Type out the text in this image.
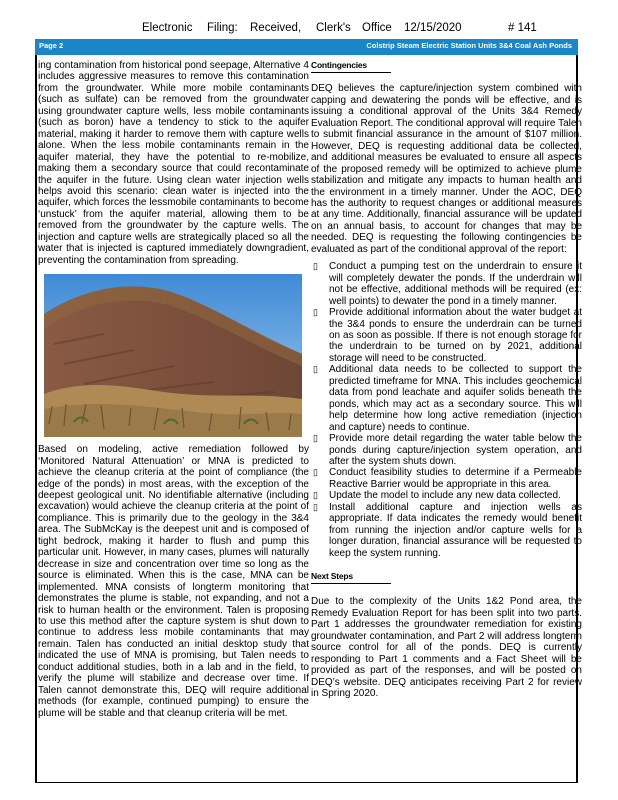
Electronic Filing: Received, Clerk's Office 12/15/2020	# 141
Page 2	Colstrip Steam Electric Station Units 3&4 Coal Ash Ponds

ing contamination from historical pond seepage, Alternative 4 includes aggressive measures to remove this contamination from the groundwater. While more mobile contaminants (such as sulfate) can be removed from the groundwater using groundwater capture wells, less mobile contaminants (such as boron) have a tendency to stick to the aquifer material, making it harder to remove them with capture wells alone. When the less mobile contaminants remain in the aquifer material, they have the potential to re-mobilize, making them a secondary source that could recontaminate the aquifer in the future. Using clean water injection wells helps avoid this scenario: clean water is injected into the aquifer, which forces the lessmobile contaminants to become ‘unstuck’ from the aquifer material, allowing them to be removed from the groundwater by the capture wells. The injection and capture wells are strategically placed so all the water that is injected is captured immediately downgradient, preventing the contamination from spreading.

Based on modeling, active remediation followed by ‘Monitored Natural Attenuation’ or MNA is predicted to achieve the cleanup criteria at the point of compliance (the edge of the ponds) in most areas, with the exception of the deepest geological unit. No identifiable alternative (including excavation) would achieve the cleanup criteria at the point of compliance. This is primarily due to the geology in the 3&4 area. The SubMcKay is the deepest unit and is composed of tight bedrock, making it harder to flush and pump this particular unit. However, in many cases, plumes will naturally decrease in size and concentration over time so long as the source is eliminated. When this is the case, MNA can be implemented. MNA consists of longterm monitoring that demonstrates the plume is stable, not expanding, and not a risk to human health or the environment. Talen is proposing to use this method after the capture system is shut down to continue to address less mobile contaminants that may remain. Talen has conducted an initial desktop study that indicated the use of MNA is promising, but Talen needs to conduct additional studies, both in a lab and in the field, to verify the plume will stabilize and decrease over time. If Talen cannot demonstrate this, DEQ will require additional methods (for example, continued pumping) to ensure the plume will be stable and that cleanup criteria will be met.

Contingencies

DEQ believes the capture/injection system combined with capping and dewatering the ponds will be effective, and is issuing a conditional approval of the Units 3&4 Remedy Evaluation Report. The conditional approval will require Talen to submit financial assurance in the amount of $107 million. However, DEQ is requesting additional data be collected, and additional measures be evaluated to ensure all aspects of the proposed remedy will be optimized to achieve plume stabilization and mitigate any impacts to human health and the environment in a timely manner. Under the AOC, DEQ has the authority to request changes or additional measures at any time. Additionally, financial assurance will be updated on an annual basis, to account for changes that may be needed. DEQ is requesting the following contingencies be evaluated as part of the conditional approval of the report:

▯ Conduct a pumping test on the underdrain to ensure it will completely dewater the ponds. If the underdrain will not be effective, additional methods will be required (ex: well points) to dewater the pond in a timely manner.
▯ Provide additional information about the water budget at the 3&4 ponds to ensure the underdrain can be turned on as soon as possible. If there is not enough storage for the underdrain to be turned on by 2021, additional storage will need to be constructed.
▯ Additional data needs to be collected to support the predicted timeframe for MNA. This includes geochemical data from pond leachate and aquifer solids beneath the ponds, which may act as a secondary source. This will help determine how long active remediation (injection and capture) needs to continue.
▯ Provide more detail regarding the water table below the ponds during capture/injection system operation, and after the system shuts down.
▯ Conduct feasibility studies to determine if a Permeable Reactive Barrier would be appropriate in this area.
▯ Update the model to include any new data collected.
▯ Install additional capture and injection wells as appropriate. If data indicates the remedy would benefit from running the injection and/or capture wells for a longer duration, financial assurance will be requested to keep the system running.
Next Steps

Due to the complexity of the Units 1&2 Pond area, the Remedy Evaluation Report for has been split into two parts. Part 1 addresses the groundwater remediation for existing groundwater contamination, and Part 2 will address longterm source control for all of the ponds. DEQ is currently responding to Part 1 comments and a Fact Sheet will be provided as part of the responses, and will be posted on DEQ’s website. DEQ anticipates receiving Part 2 for review in Spring 2020.
